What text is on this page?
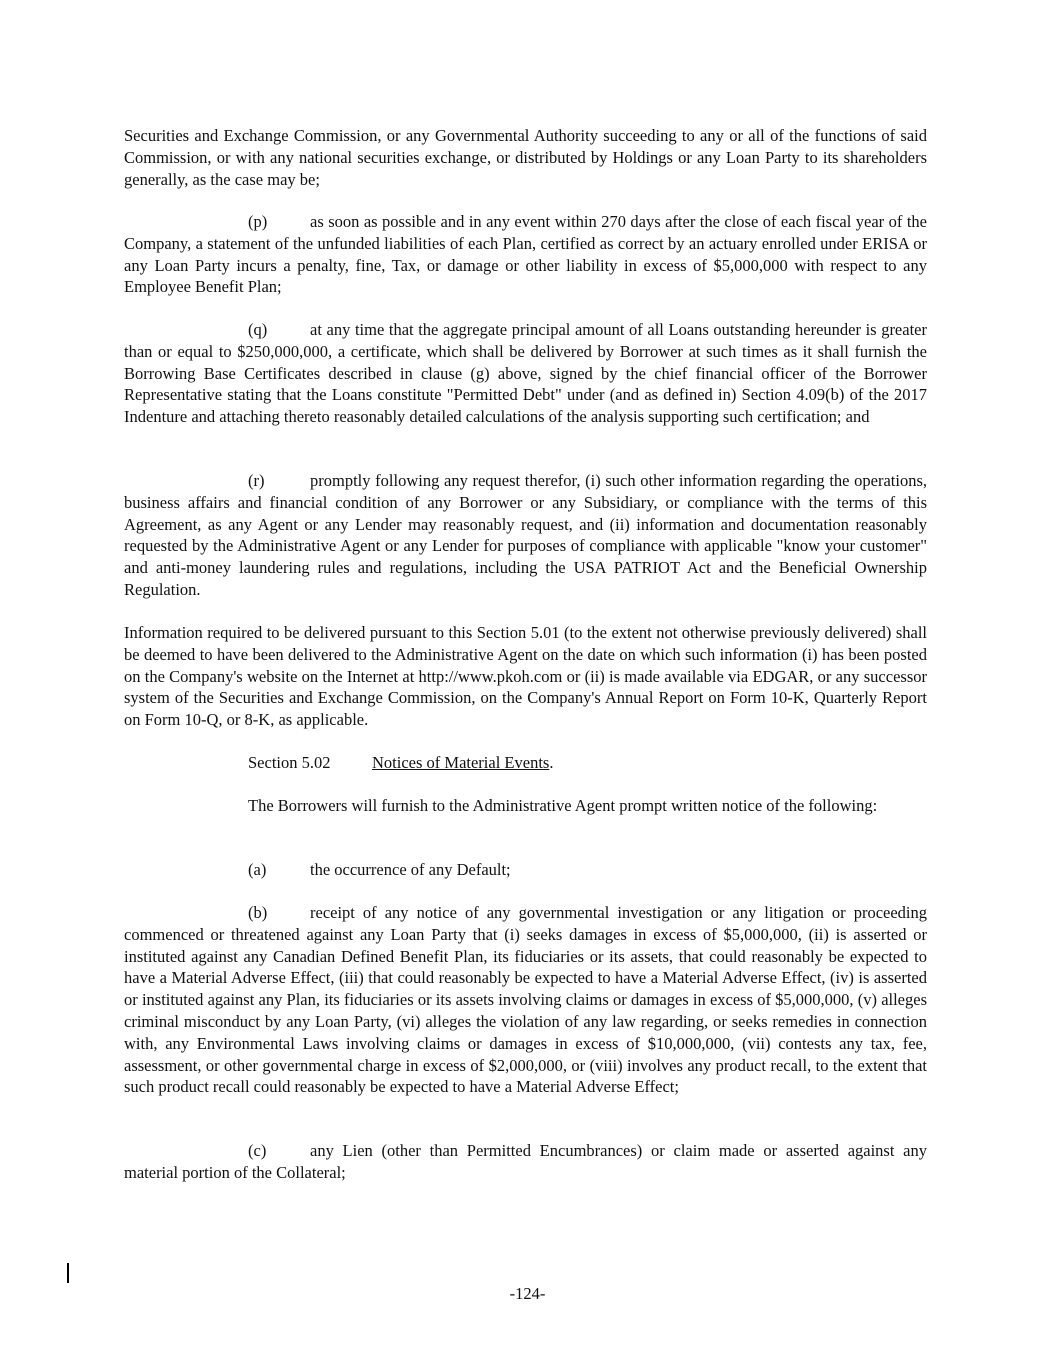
Securities and Exchange Commission, or any Governmental Authority succeeding to any or all of the functions of said Commission, or with any national securities exchange, or distributed by Holdings or any Loan Party to its shareholders generally, as the case may be;

(p)	as soon as possible and in any event within 270 days after the close of each fiscal year of the Company, a statement of the unfunded liabilities of each Plan, certified as correct by an actuary enrolled under ERISA or any Loan Party incurs a penalty, fine, Tax, or damage or other liability in excess of $5,000,000 with respect to any Employee Benefit Plan;

(q)	at any time that the aggregate principal amount of all Loans outstanding hereunder is greater than or equal to $250,000,000, a certificate, which shall be delivered by Borrower at such times as it shall furnish the Borrowing Base Certificates described in clause (g) above, signed by the chief financial officer of the Borrower Representative stating that the Loans constitute "Permitted Debt" under (and as defined in) Section 4.09(b) of the 2017 Indenture and attaching thereto reasonably detailed calculations of the analysis supporting such certification; and

(r)	promptly following any request therefor, (i) such other information regarding the operations, business affairs and financial condition of any Borrower or any Subsidiary, or compliance with the terms of this Agreement, as any Agent or any Lender may reasonably request, and (ii) information and documentation reasonably requested by the Administrative Agent or any Lender for purposes of compliance with applicable "know your customer" and anti-money laundering rules and regulations, including the USA PATRIOT Act and the Beneficial Ownership Regulation.

Information required to be delivered pursuant to this Section 5.01 (to the extent not otherwise previously delivered) shall be deemed to have been delivered to the Administrative Agent on the date on which such information (i) has been posted on the Company's website on the Internet at http://www.pkoh.com or (ii) is made available via EDGAR, or any successor system of the Securities and Exchange Commission, on the Company's Annual Report on Form 10-K, Quarterly Report on Form 10-Q, or 8-K, as applicable.

Section 5.02	Notices of Material Events.

The Borrowers will furnish to the Administrative Agent prompt written notice of the following:

(a)	the occurrence of any Default;

(b)	receipt of any notice of any governmental investigation or any litigation or proceeding commenced or threatened against any Loan Party that (i) seeks damages in excess of $5,000,000, (ii) is asserted or instituted against any Canadian Defined Benefit Plan, its fiduciaries or its assets, that could reasonably be expected to have a Material Adverse Effect, (iii) that could reasonably be expected to have a Material Adverse Effect, (iv) is asserted or instituted against any Plan, its fiduciaries or its assets involving claims or damages in excess of $5,000,000, (v) alleges criminal misconduct by any Loan Party, (vi) alleges the violation of any law regarding, or seeks remedies in connection with, any Environmental Laws involving claims or damages in excess of $10,000,000, (vii) contests any tax, fee, assessment, or other governmental charge in excess of $2,000,000, or (viii) involves any product recall, to the extent that such product recall could reasonably be expected to have a Material Adverse Effect;

(c)	any Lien (other than Permitted Encumbrances) or claim made or asserted against any material portion of the Collateral;

-124-
